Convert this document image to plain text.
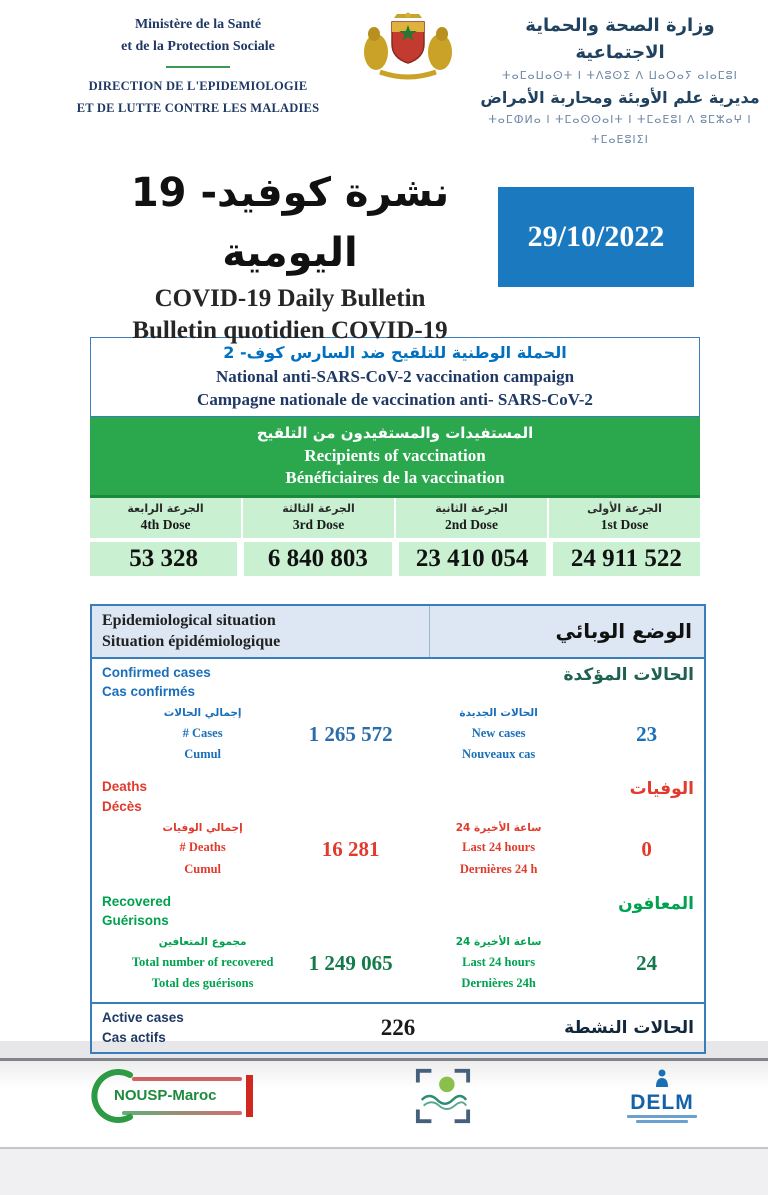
Ministère de la Santé
et de la Protection Sociale
DIRECTION DE L'EPIDEMIOLOGIE
ET DE LUTTE CONTRE LES MALADIES
وزارة الصحة والحماية الاجتماعية
ⵜⴰⵎⴰⵡⴰⵙⵜ ⵏ ⵜⴷⵓⵙⵉ ⴷ ⵡⴰⵔⴰⵢ ⴰⵏⴰⵎⵓⵏ
مديرية علم الأوبئة ومحاربة الأمراض
ⵜⴰⵎⵀⵍⴰ ⵏ ⵜⵎⴰⵙⵙⴰⵏⵜ ⵏ ⵜⵎⴰⴹⵓⵏ ⴷ ⵓⵎⵣⴰⵖ ⵏ ⵜⵎⴰⴹⵓⵏⵉⵏ
نشرة كوفيد- 19 اليومية
COVID-19 Daily Bulletin
Bulletin quotidien COVID-19
29/10/2022
الحملة الوطنية للتلقيح ضد السارس كوف- 2
National anti-SARS-CoV-2 vaccination campaign
Campagne nationale de vaccination anti- SARS-CoV-2
المستفيدات والمستفيدون من التلقيح
Recipients of vaccination
Bénéficiaires de la vaccination
الجرعة الرابعة
4th Dose
الجرعة الثالثة
3rd Dose
الجرعة الثانية
2nd Dose
الجرعة الأولى
1st Dose
53 328	6 840 803	23 410 054	24 911 522
Epidemiological situation
Situation épidémiologique	الوضع الوبائي
Confirmed cases
Cas confirmés
الحالات المؤكدة
إجمالي الحالات
# Cases
Cumul
1 265 572
الحالات الجديدة
New cases
Nouveaux cas
23
Deaths
Décès
الوفيات
إجمالي الوفيات
# Deaths
Cumul
16 281
24 ساعة الأخيرة
Last 24 hours
Dernières 24 h
0
Recovered
Guérisons
المعافون
مجموع المتعافين
Total number of recovered
Total des guérisons
1 249 065
24 ساعة الأخيرة
Last 24 hours
Dernières 24h
24
Active cases
Cas actifs	226	الحالات النشطة
NOUSP-Maroc	DELM
